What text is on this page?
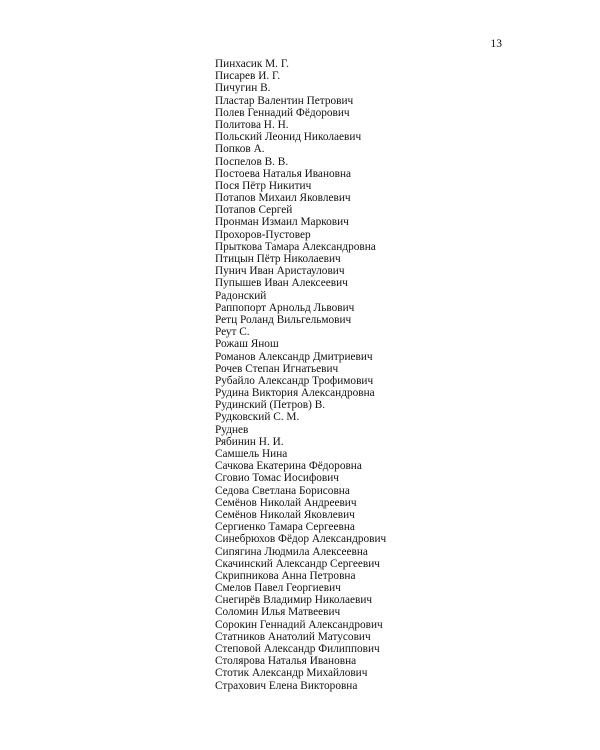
13
Пинхасик М. Г.
Писарев И. Г.
Пичугин В.
Пластар Валентин Петрович
Полев Геннадий Фёдорович
Политова Н. Н.
Польский Леонид Николаевич
Попков А.
Поспелов В. В.
Постоева Наталья Ивановна
Пося Пётр Никитич
Потапов Михаил Яковлевич
Потапов Сергей
Пронман Измаил Маркович
Прохоров-Пустовер
Прыткова Тамара Александровна
Птицын Пётр Николаевич
Пунич Иван Аристаулович
Пупышев Иван Алексеевич
Радонский
Раппопорт Арнольд Львович
Ретц Роланд Вильгельмович
Реут С.
Рожаш Янош
Романов Александр Дмитриевич
Рочев Степан Игнатьевич
Рубайло Александр Трофимович
Рудина Виктория Александровна
Рудинский (Петров) В.
Рудковский С. М.
Руднев
Рябинин Н. И.
Самшель Нина
Сачкова Екатерина Фёдоровна
Сговио Томас Иосифович
Седова Светлана Борисовна
Семёнов Николай Андреевич
Семёнов Николай Яковлевич
Сергиенко Тамара Сергеевна
Синебрюхов Фёдор Александрович
Сипягина Людмила Алексеевна
Скачинский Александр Сергеевич
Скрипникова Анна Петровна
Смелов Павел Георгиевич
Снегирёв Владимир Николаевич
Соломин Илья Матвеевич
Сорокин Геннадий Александрович
Статников Анатолий Матусович
Степовой Александр Филиппович
Столярова Наталья Ивановна
Стотик Александр Михайлович
Страхович Елена Викторовна
